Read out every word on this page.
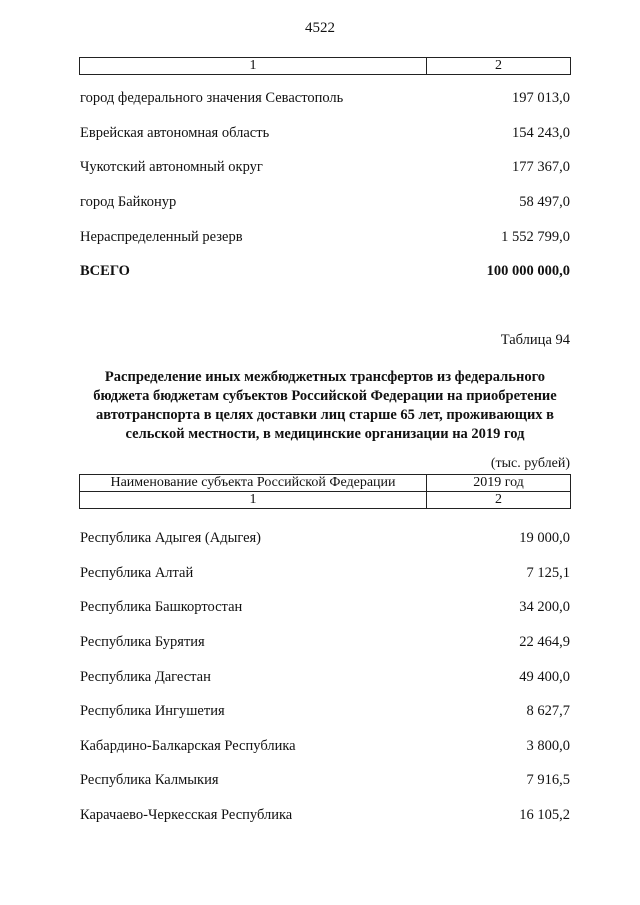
4522
1	2
город федерального значения Севастополь	197 013,0
Еврейская автономная область	154 243,0
Чукотский автономный округ	177 367,0
город Байконур	58 497,0
Нераспределенный резерв	1 552 799,0
ВСЕГО	100 000 000,0
Таблица 94
Распределение иных межбюджетных трансфертов из федерального
бюджета бюджетам субъектов Российской Федерации на приобретение
автотранспорта в целях доставки лиц старше 65 лет, проживающих в
сельской местности, в медицинские организации на 2019 год
(тыс. рублей)
Наименование субъекта Российской Федерации	2019 год
1	2
Республика Адыгея (Адыгея)	19 000,0
Республика Алтай	7 125,1
Республика Башкортостан	34 200,0
Республика Бурятия	22 464,9
Республика Дагестан	49 400,0
Республика Ингушетия	8 627,7
Кабардино-Балкарская Республика	3 800,0
Республика Калмыкия	7 916,5
Карачаево-Черкесская Республика	16 105,2
